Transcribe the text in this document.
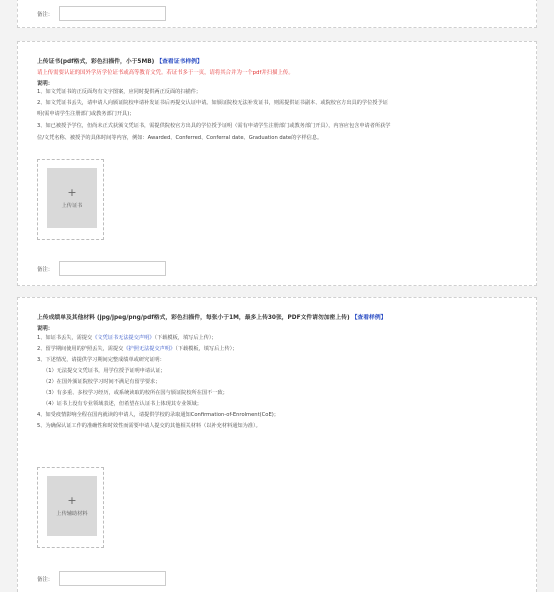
备注：
上传证书(pdf格式，彩色扫描件，小于5MB) 【查看证书样例】
请上传需要认证的国外学历学位证书或高等教育文凭。若证书多于一页，请将其合并为一个pdf并扫描上传。
说明：
1、如文凭证书的正反面均有文字图案，应同时提供两正反面的扫描件；
2、如文凭证书丢失，请申请人向颁证院校申请补发证书后再提交认证申请。如颁证院校无法补发证书，则需提供证书副本、或院校官方出具的学位授予证
明(需申请学生注册部门或教务部门开具)；
3、如已被授予学位，但尚未正式获颁文凭证书，需提供院校官方出具的学位授予证明（需有申请学生注册部门或教务部门开具），内容应包含申请者所获学
位/文凭名称、被授予的具体时间等内容，例如：Awarded、Conferred、Conferral date、Graduation date的字样信息。
+
上传证书
备注：
上传成绩单及其他材料 (jpg/jpeg/png/pdf格式，彩色扫描件，每张小于1M，最多上传30张，PDF文件请勿加密上传) 【查看样例】
说明：
1、如证书丢失，需提交《文凭证书无法提交声明》（下载模板，填写后上传）；
2、留学期间使用的护照丢失，需提交《护照无法提交声明》（下载模板，填写后上传）；
3、下述情况，请提供学习期间完整成绩单或研究证明：
（1）无法提交文凭证书，用学位授予证明申请认证；
（2）在国外颁证院校学习时间不满足有留学要求；
（3）有多重、多校学习经历，或系统读取的校所在国与颁证院校所在国不一致；
（4）证书上没有专业领域表述，但希望在认证书上体现其专业领域；
4、如受疫情影响全程在国内就读的申请人，请提供学校的录取通知Confirmation-of-Enrolment(CoE)；
5、为确保认证工作的准确性和时效性而需要申请人提交的其他相关材料（以补充材料通知为准）。
+
上传辅助材料
备注：
